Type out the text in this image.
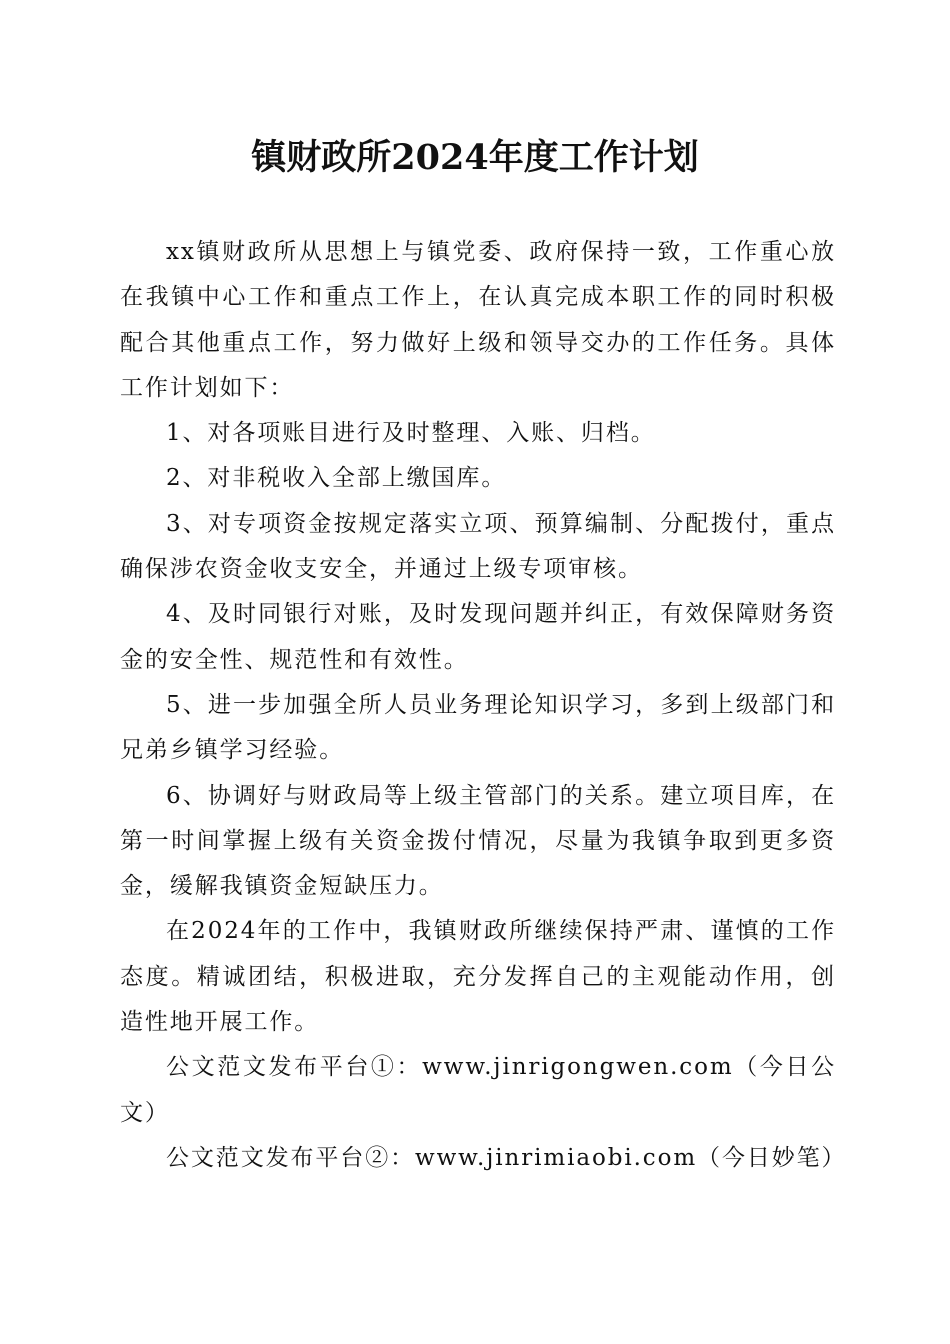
镇财政所2024年度工作计划

xx镇财政所从思想上与镇党委、政府保持一致，工作重心放在我镇中心工作和重点工作上，在认真完成本职工作的同时积极配合其他重点工作，努力做好上级和领导交办的工作任务。具体工作计划如下：

1、对各项账目进行及时整理、入账、归档。

2、对非税收入全部上缴国库。

3、对专项资金按规定落实立项、预算编制、分配拨付，重点确保涉农资金收支安全，并通过上级专项审核。

4、及时同银行对账，及时发现问题并纠正，有效保障财务资金的安全性、规范性和有效性。

5、进一步加强全所人员业务理论知识学习，多到上级部门和兄弟乡镇学习经验。

6、协调好与财政局等上级主管部门的关系。建立项目库，在第一时间掌握上级有关资金拨付情况，尽量为我镇争取到更多资金，缓解我镇资金短缺压力。

在2024年的工作中，我镇财政所继续保持严肃、谨慎的工作态度。精诚团结，积极进取，充分发挥自己的主观能动作用，创造性地开展工作。

公文范文发布平台①：www.jinrigongwen.com（今日公文）

公文范文发布平台②：www.jinrimiaobi.com（今日妙笔）
